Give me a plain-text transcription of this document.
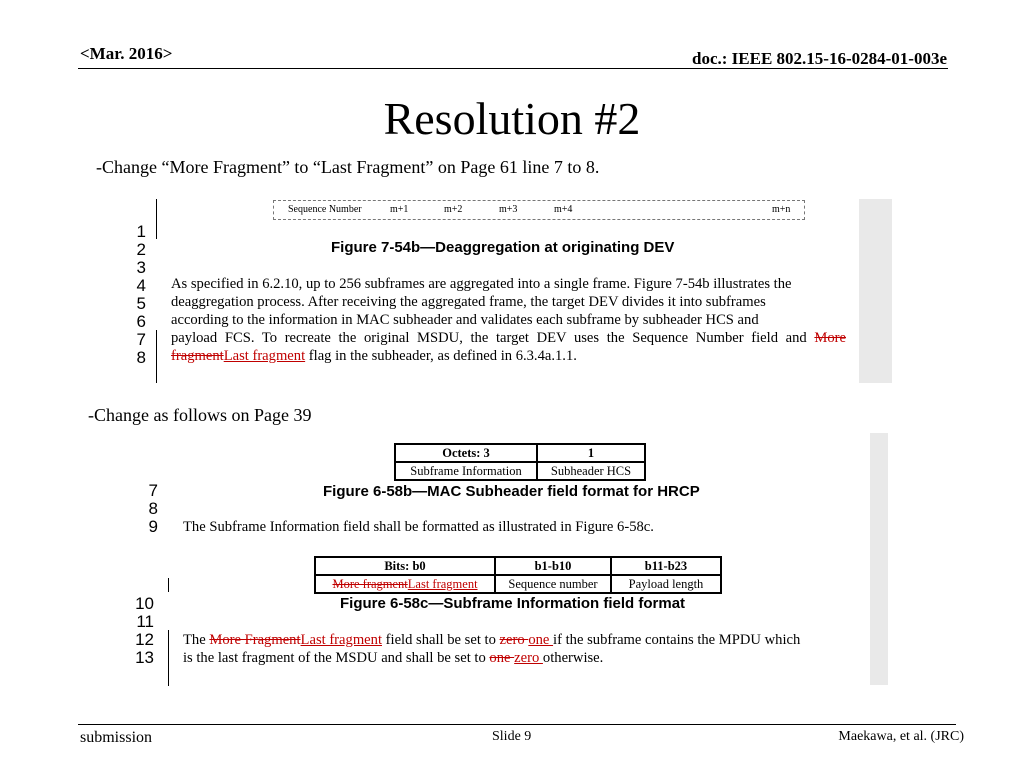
<Mar. 2016>	doc.: IEEE 802.15-16-0284-01-003e
Resolution #2
-Change “More Fragment” to “Last Fragment” on Page 61 line 7 to 8.
Sequence Number	m+1	m+2	m+3	m+4	m+n
1
2
3
4
5
6
7
8
Figure 7-54b—Deaggregation at originating DEV
As specified in 6.2.10, up to 256 subframes are aggregated into a single frame. Figure 7-54b illustrates the
deaggregation process. After receiving the aggregated frame, the target DEV divides it into subframes
according to the information in MAC subheader and validates each subframe by subheader HCS and
payload FCS. To recreate the original MSDU, the target DEV uses the Sequence Number field and More
fragmentLast fragment flag in the subheader, as defined in 6.3.4a.1.1.
-Change as follows on Page 39
Octets: 3	1
Subframe Information	Subheader HCS
7
8
9
Figure 6-58b—MAC Subheader field format for HRCP
The Subframe Information field shall be formatted as illustrated in Figure 6-58c.
Bits: b0	b1-b10	b11-b23
More fragmentLast fragment	Sequence number	Payload length
10
11
12
13
Figure 6-58c—Subframe Information field format
The More FragmentLast fragment field shall be set to zero one if the subframe contains the MPDU which
is the last fragment of the MSDU and shall be set to one zero otherwise.
submission	Slide 9	Maekawa, et al. (JRC)
